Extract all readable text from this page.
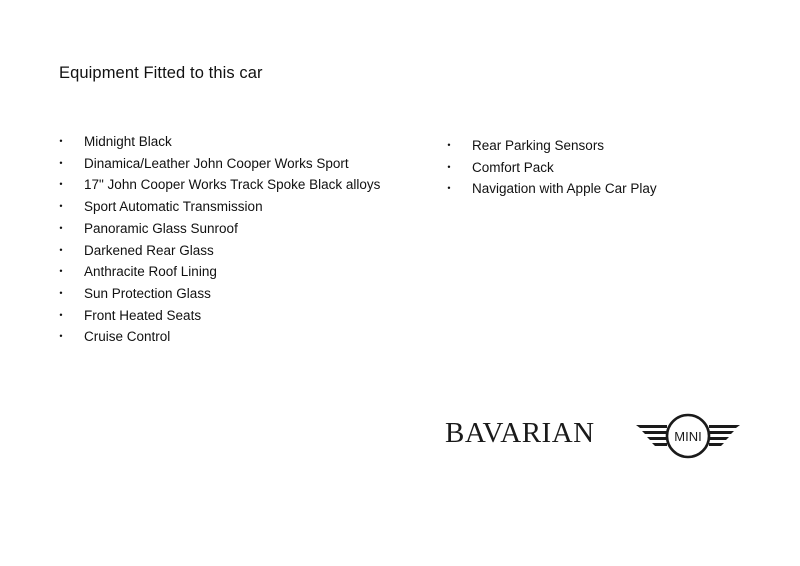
Equipment Fitted to this car
• Midnight Black
• Dinamica/Leather John Cooper Works Sport
• 17" John Cooper Works Track Spoke Black alloys
• Sport Automatic Transmission
• Panoramic Glass Sunroof
• Darkened Rear Glass
• Anthracite Roof Lining
• Sun Protection Glass
• Front Heated Seats
• Cruise Control
• Rear Parking Sensors
• Comfort Pack
• Navigation with Apple Car Play
BAVARIAN	MINI
